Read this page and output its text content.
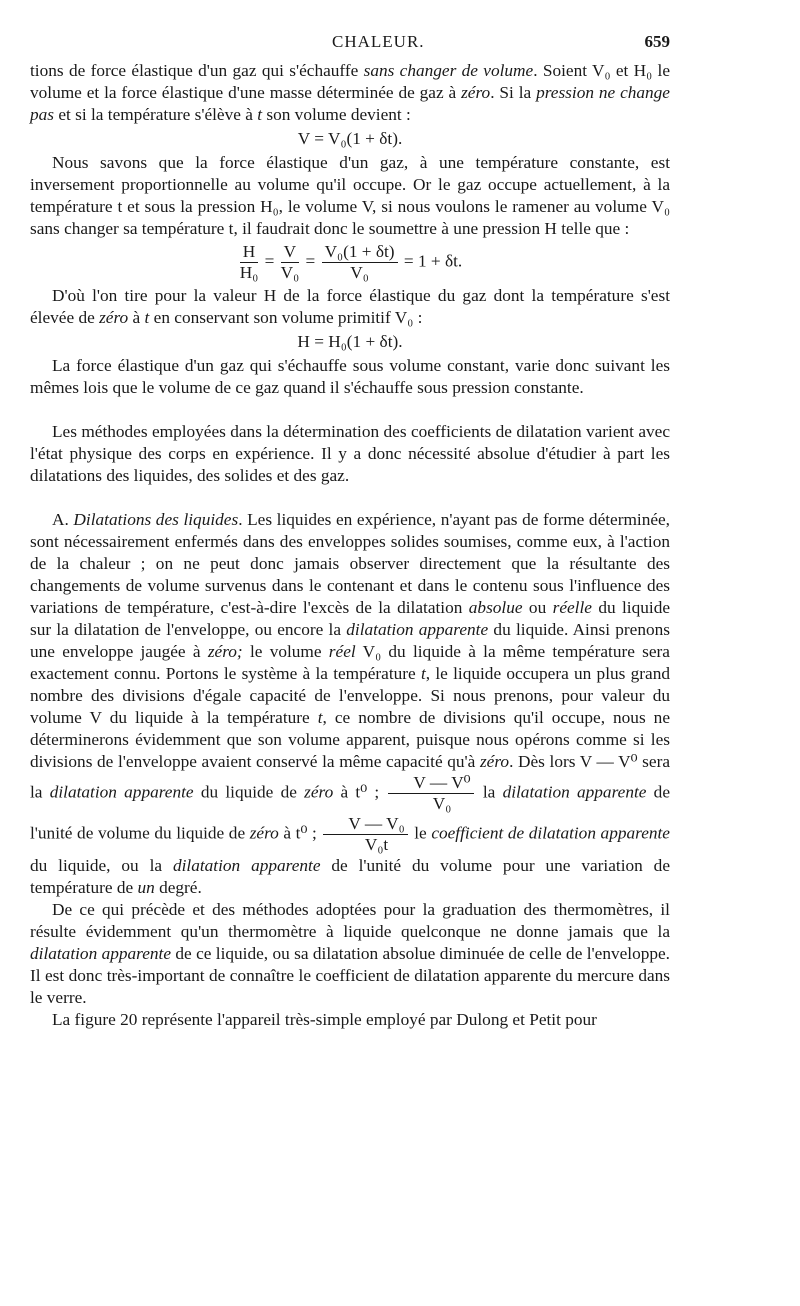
CHALEUR.	659

tions de force élastique d'un gaz qui s'échauffe sans changer de volume. Soient V₀ et H₀ le volume et la force élastique d'une masse déterminée de gaz à zéro. Si la pression ne change pas et si la température s'élève à t son volume devient :

V = V₀(1 + δt).

Nous savons que la force élastique d'un gaz, à une température constante, est inversement proportionnelle au volume qu'il occupe. Or le gaz occupe actuellement, à la température t et sous la pression H₀, le volume V, si nous voulons le ramener au volume V₀ sans changer sa température t, il faudrait donc le soumettre à une pression H telle que :

$\frac{H}{\text{H₀}} = \frac{V}{\text{V₀}} = \frac{\text{V₀(1 + δt)}}{\text{V₀}} = 1 + \delta t$.

D'où l'on tire pour la valeur H de la force élastique du gaz dont la température s'est élevée de zéro à t en conservant son volume primitif V₀ :

H = H₀(1 + δt).

La force élastique d'un gaz qui s'échauffe sous volume constant, varie donc suivant les mêmes lois que le volume de ce gaz quand il s'échauffe sous pression constante.

Les méthodes employées dans la détermination des coefficients de dilatation varient avec l'état physique des corps en expérience. Il y a donc nécessité absolue d'étudier à part les dilatations des liquides, des solides et des gaz.

A. Dilatations des liquides. Les liquides en expérience, n'ayant pas de forme déterminée, sont nécessairement enfermés dans des enveloppes solides soumises, comme eux, à l'action de la chaleur ; on ne peut donc jamais observer directement que la résultante des changements de volume survenus dans le contenant et dans le contenu sous l'influence des variations de température, c'est-à-dire l'excès de la dilatation absolue ou réelle du liquide sur la dilatation de l'enveloppe, ou encore la dilatation apparente du liquide. Ainsi prenons une enveloppe jaugée à zéro; le volume réel V₀ du liquide à la même température sera exactement connu. Portons le système à la température t, le liquide occupera un plus grand nombre des divisions d'égale capacité de l'enveloppe. Si nous prenons, pour valeur du volume V du liquide à la température t, ce nombre de divisions qu'il occupe, nous ne déterminerons évidemment que son volume apparent, puisque nous opérons comme si les divisions de l'enveloppe avaient conservé la même capacité qu'à zéro. Dès lors V — V⁰ sera la dilatation apparente du liquide de zéro à t⁰ ; $\frac{\text{V — V⁰}}{\text{V₀}}$ la dilatation apparente de l'unité de volume du liquide de zéro à t⁰ ; $\frac{\text{V — V₀}}{\text{V₀t}}$ le coefficient de dilatation apparente du liquide, ou la dilatation apparente de l'unité du volume pour une variation de température de un degré.

De ce qui précède et des méthodes adoptées pour la graduation des thermomètres, il résulte évidemment qu'un thermomètre à liquide quelconque ne donne jamais que la dilatation apparente de ce liquide, ou sa dilatation absolue diminuée de celle de l'enveloppe. Il est donc très-important de connaître le coefficient de dilatation apparente du mercure dans le verre.

La figure 20 représente l'appareil très-simple employé par Dulong et Petit pour
